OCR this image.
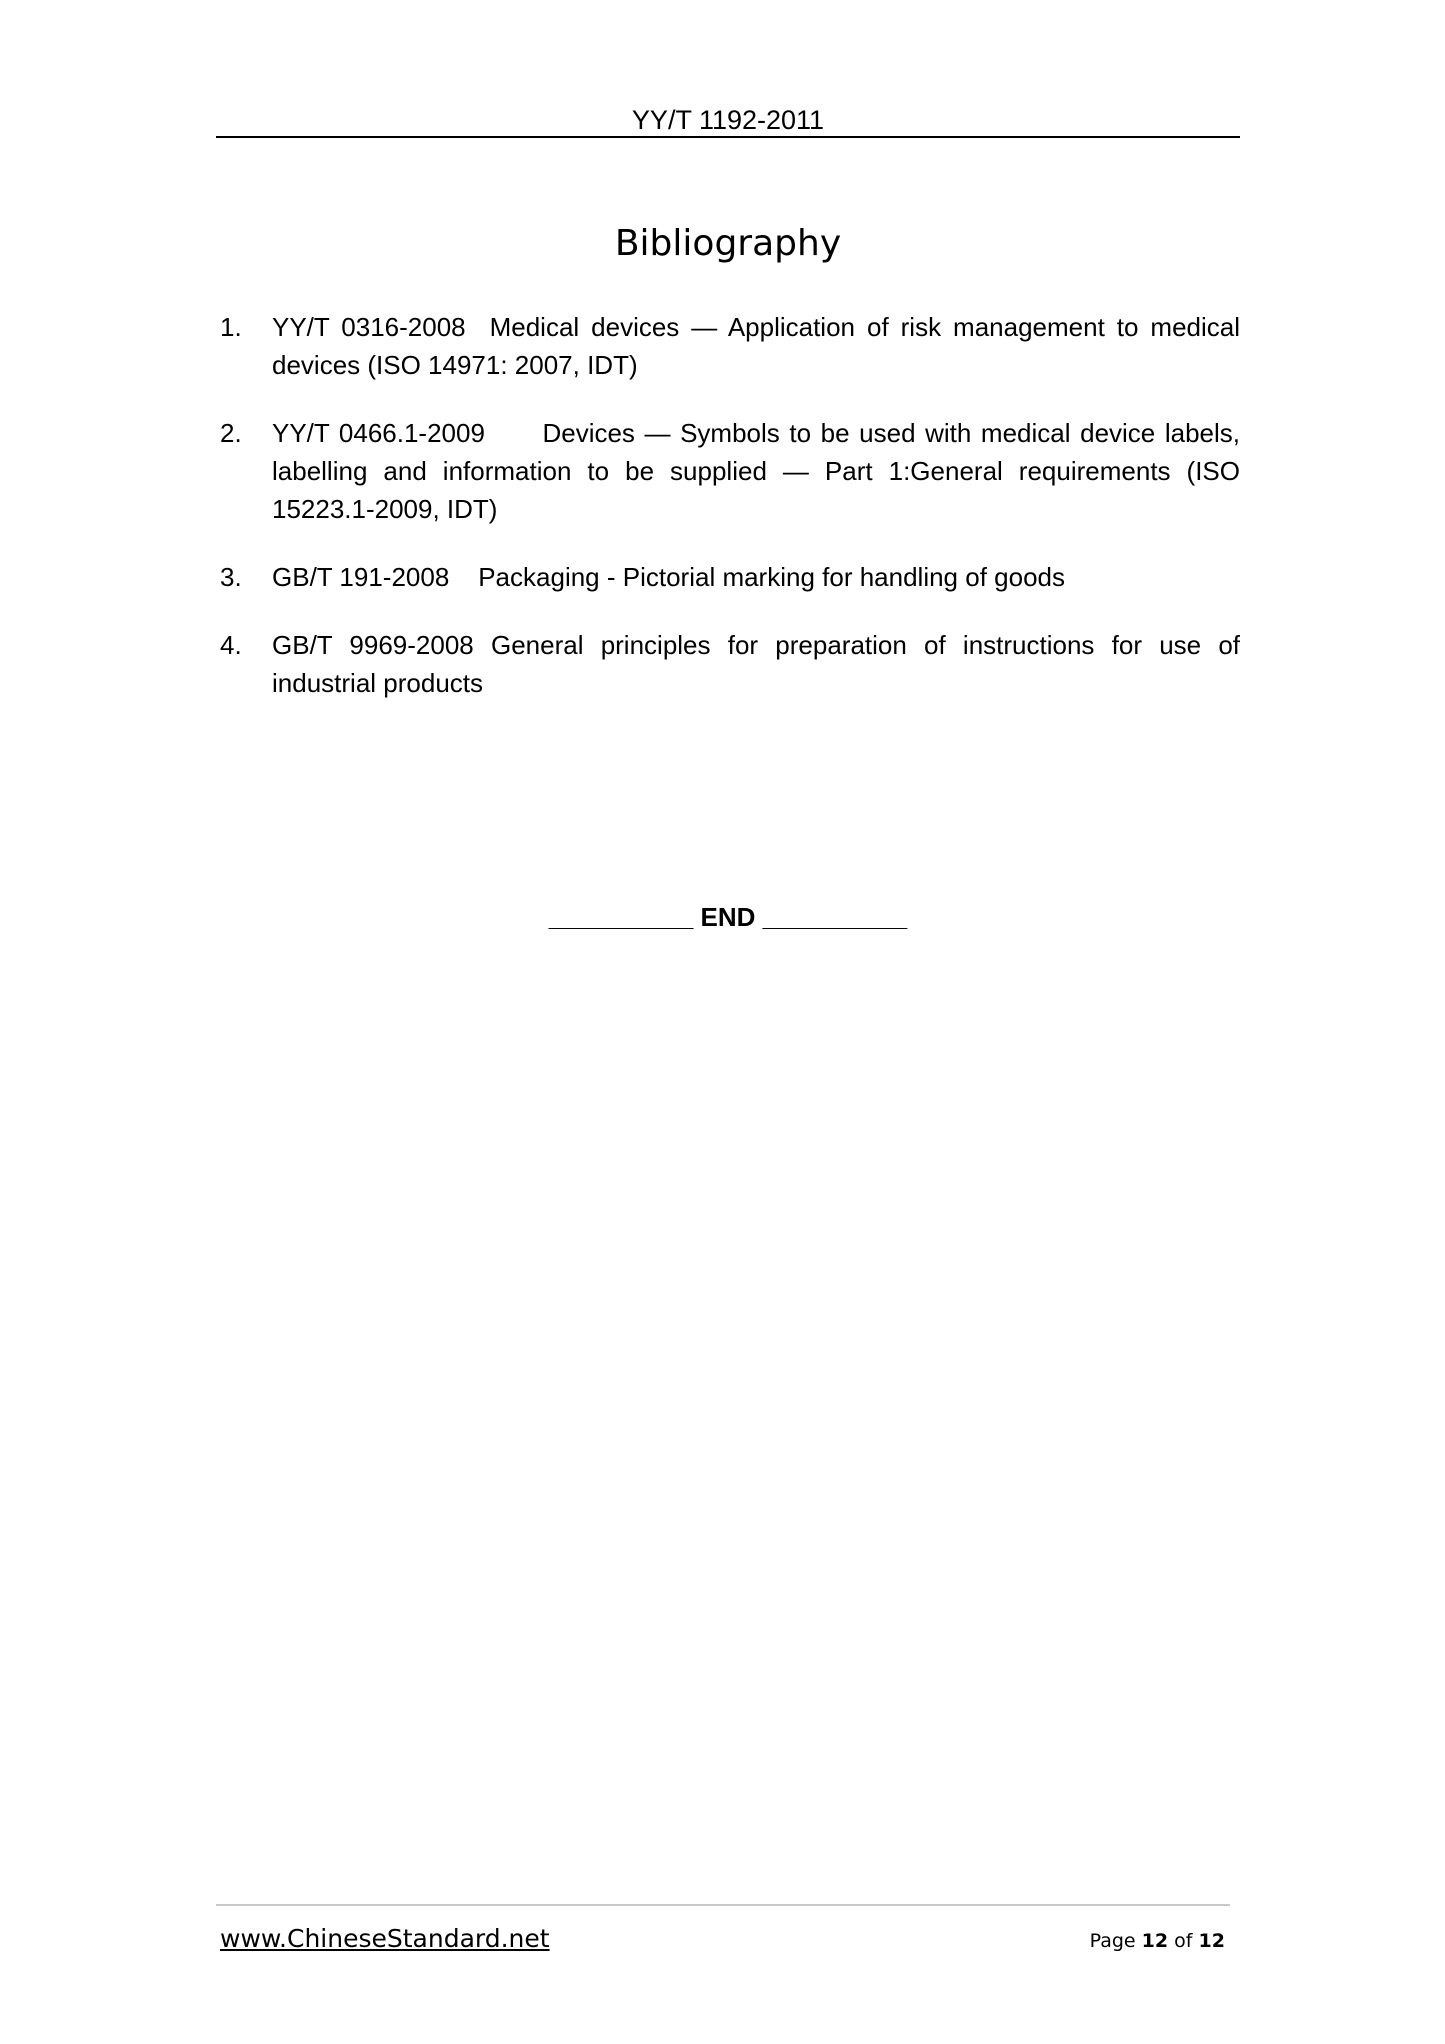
YY/T 1192-2011
Bibliography
1. YY/T 0316-2008 Medical devices — Application of risk management to medical devices (ISO 14971: 2007, IDT)
2. YY/T 0466.1-2009 Devices — Symbols to be used with medical device labels, labelling and information to be supplied — Part 1:General requirements (ISO 15223.1-2009, IDT)
3. GB/T 191-2008 Packaging - Pictorial marking for handling of goods
4. GB/T 9969-2008 General principles for preparation of instructions for use of industrial products
__________ END __________
www.ChineseStandard.net	Page 12 of 12
